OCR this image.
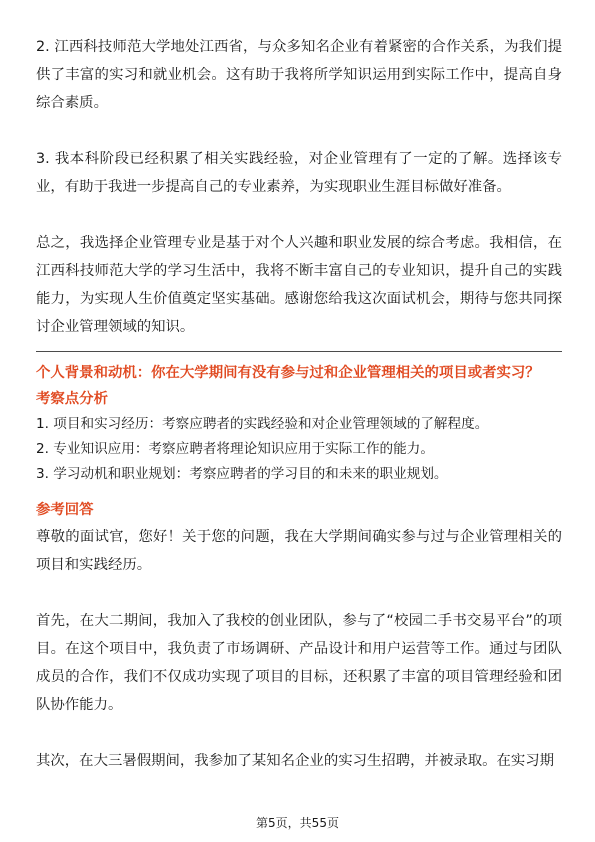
2. 江西科技师范大学地处江西省，与众多知名企业有着紧密的合作关系，为我们提供了丰富的实习和就业机会。这有助于我将所学知识运用到实际工作中，提高自身综合素质。

3. 我本科阶段已经积累了相关实践经验，对企业管理有了一定的了解。选择该专业，有助于我进一步提高自己的专业素养，为实现职业生涯目标做好准备。

总之，我选择企业管理专业是基于对个人兴趣和职业发展的综合考虑。我相信，在江西科技师范大学的学习生活中，我将不断丰富自己的专业知识，提升自己的实践能力，为实现人生价值奠定坚实基础。感谢您给我这次面试机会，期待与您共同探讨企业管理领域的知识。

个人背景和动机：你在大学期间有没有参与过和企业管理相关的项目或者实习？

考察点分析

1. 项目和实习经历：考察应聘者的实践经验和对企业管理领域的了解程度。

2. 专业知识应用：考察应聘者将理论知识应用于实际工作的能力。

3. 学习动机和职业规划：考察应聘者的学习目的和未来的职业规划。

参考回答

尊敬的面试官，您好！关于您的问题，我在大学期间确实参与过与企业管理相关的项目和实践经历。

首先，在大二期间，我加入了我校的创业团队，参与了“校园二手书交易平台”的项目。在这个项目中，我负责了市场调研、产品设计和用户运营等工作。通过与团队成员的合作，我们不仅成功实现了项目的目标，还积累了丰富的项目管理经验和团队协作能力。

其次，在大三暑假期间，我参加了某知名企业的实习生招聘，并被录取。在实习期

第5页，共55页
